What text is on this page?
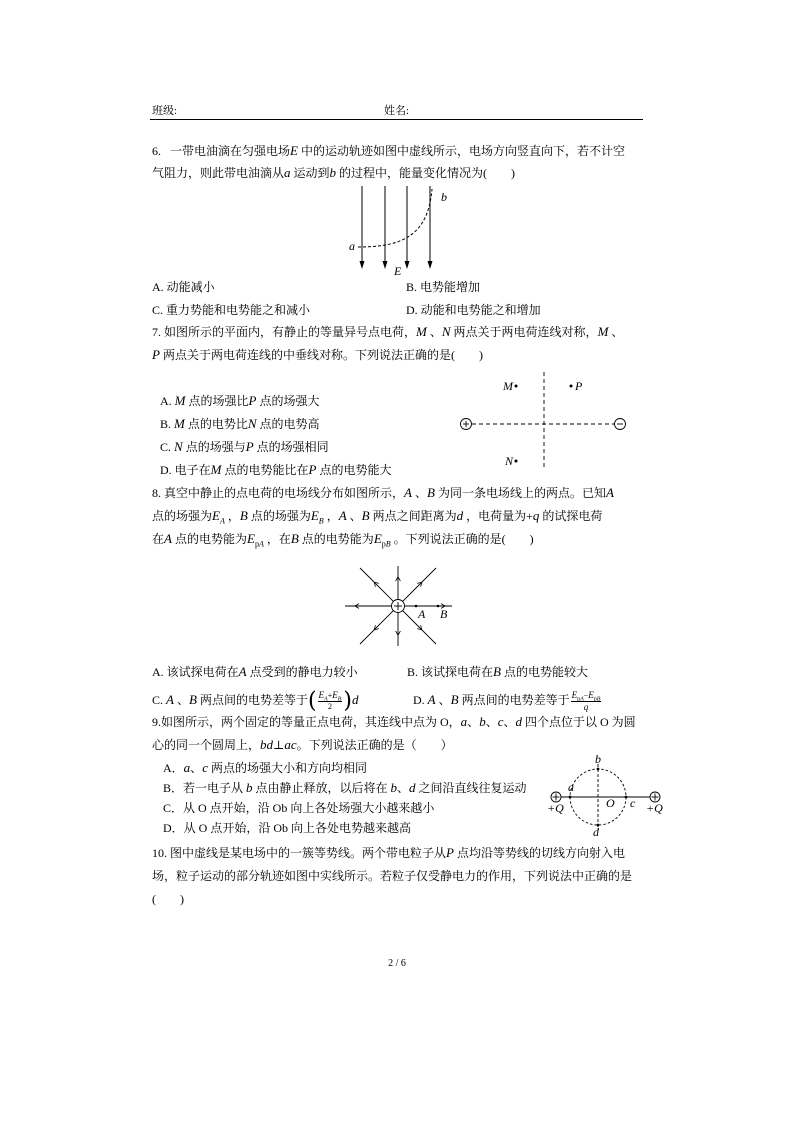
班级:	姓名:
6.   一带电油滴在匀强电场E 中的运动轨迹如图中虚线所示，电场方向竖直向下，若不计空
气阻力，则此带电油滴从a 运动到b 的过程中，能量变化情况为(        )
a
b
E
A. 动能减小	B. 电势能增加
C. 重力势能和电势能之和减小	D. 动能和电势能之和增加
7. 如图所示的平面内，有静止的等量异号点电荷，M 、N 两点关于两电荷连线对称，M 、
P 两点关于两电荷连线的中垂线对称。下列说法正确的是(        )
A. M 点的场强比P 点的场强大
B. M 点的电势比N 点的电势高
C. N 点的场强与P 点的场强相同
D. 电子在M 点的电势能比在P 点的电势能大
M	P
N
8. 真空中静止的点电荷的电场线分布如图所示，A 、B 为同一条电场线上的两点。已知A
点的场强为$E_A$ ，B 点的场强为$E_B$ ，A 、B 两点之间距离为d ，电荷量为+q 的试探电荷
在A 点的电势能为$E_{pA}$ ，在B 点的电势能为$E_{pB}$ 。下列说法正确的是(        )
A B
A. 该试探电荷在A 点受到的静电力较小	B. 该试探电荷在B 点的电势能较大
C. A 、B 两点间的电势差等于( $\frac{E_A+E_B}{2} )d$	D. A 、B 两点间的电势差等于 $\frac{E_{pA}-E_{pB}}{q}$
9.如图所示，两个固定的等量正点电荷，其连线中点为 O，a、b、c、d 四个点位于以 O 为圆
心的同一个圆周上，bd⊥ac。下列说法正确的是（        ）
A．a、c 两点的场强大小和方向均相同
B．若一电子从 b 点由静止释放，以后将在 b、d 之间沿直线往复运动
C．从 O 点开始，沿 Ob 向上各处场强大小越来越小
D．从 O 点开始，沿 Ob 向上各处电势越来越高
b
a
O c
d
+Q	+Q
10. 图中虚线是某电场中的一簇等势线。两个带电粒子从P 点均沿等势线的切线方向射入电
场，粒子运动的部分轨迹如图中实线所示。若粒子仅受静电力的作用，下列说法中正确的是
(        )
2 / 6
